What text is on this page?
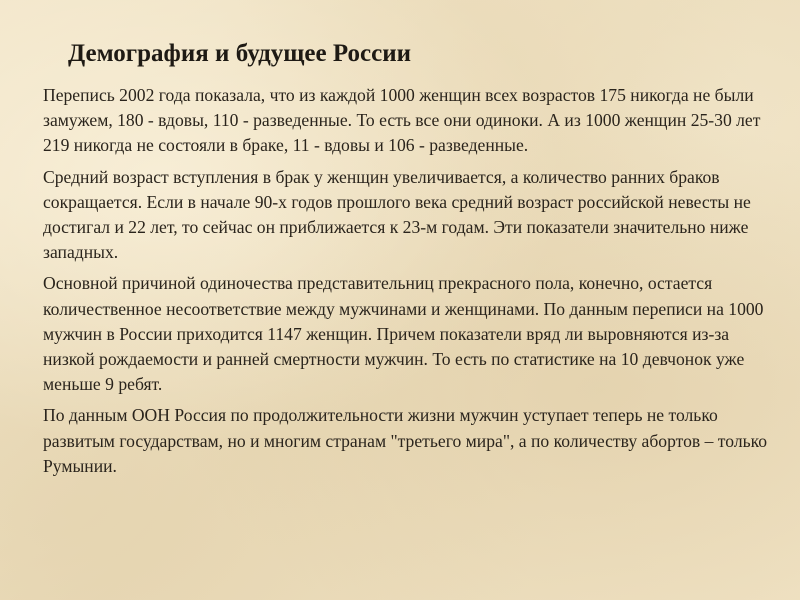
Демография и будущее России

Перепись 2002 года показала, что из каждой 1000 женщин всех возрастов 175 никогда не были замужем, 180 - вдовы, 110 - разведенные. То есть все они одиноки. А из 1000 женщин 25-30 лет 219 никогда не состояли в браке, 11 - вдовы и 106 - разведенные.

Средний возраст вступления в брак у женщин увеличивается, а количество ранних браков сокращается. Если в начале 90-х годов прошлого века средний возраст российской невесты не достигал и 22 лет, то сейчас он приближается к 23-м годам. Эти показатели значительно ниже западных.

Основной причиной одиночества представительниц прекрасного пола, конечно, остается количественное несоответствие между мужчинами и женщинами. По данным переписи на 1000 мужчин в России приходится 1147 женщин. Причем показатели вряд ли выровняются из-за низкой рождаемости и ранней смертности мужчин. То есть по статистике на 10 девчонок уже меньше 9 ребят.

По данным ООН Россия по продолжительности жизни мужчин уступает теперь не только развитым государствам, но и многим странам "третьего мира", а по количеству абортов – только Румынии.
